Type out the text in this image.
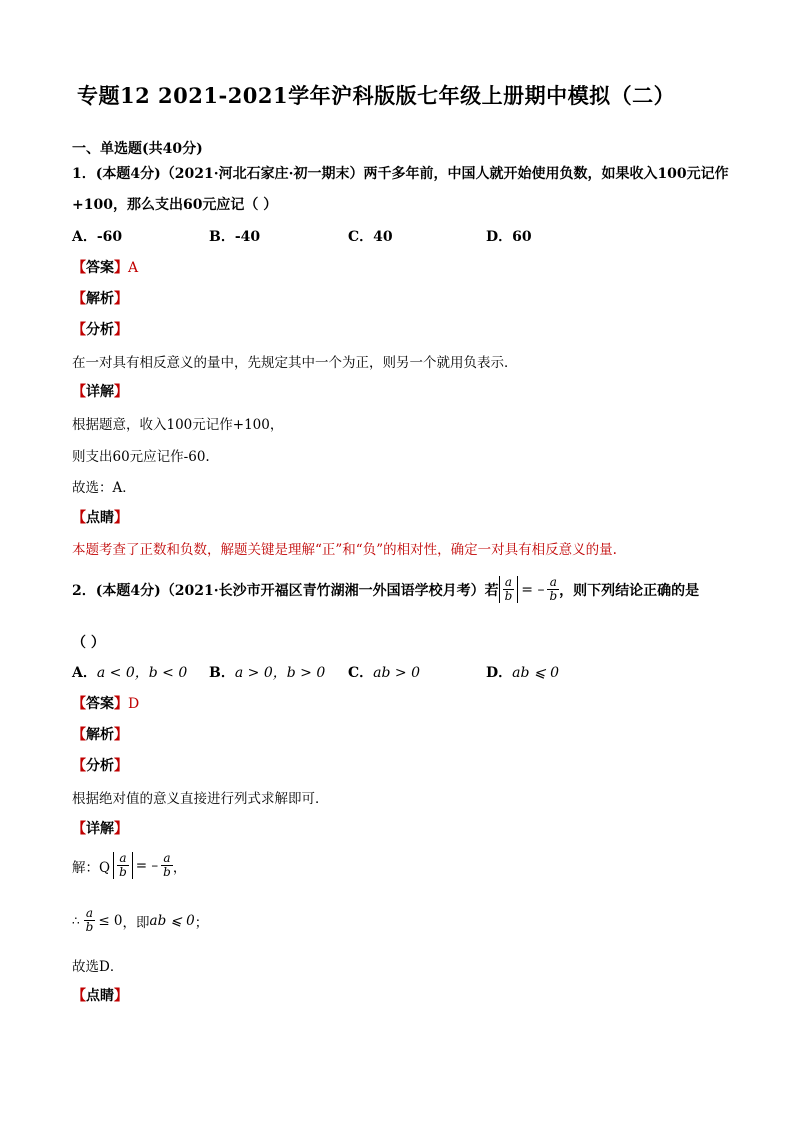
专题12 2021-2021学年沪科版版七年级上册期中模拟（二）
一、单选题(共40分)
1．(本题4分)（2021·河北石家庄·初一期末）两千多年前，中国人就开始使用负数，如果收入100元记作
+100，那么支出60元应记（ ）
A．-60	B．-40	C．40	D．60
【答案】A
【解析】
【分析】
在一对具有相反意义的量中，先规定其中一个为正，则另一个就用负表示．
【详解】
根据题意，收入100元记作+100，
则支出60元应记作-60.
故选：A．
【点睛】
本题考查了正数和负数，解题关键是理解“正”和“负”的相对性，确定一对具有相反意义的量.
2．(本题4分)（2021·长沙市开福区青竹湖湘一外国语学校月考）若 $\frac{a}{b}$ = – $\frac{a}{b}$ ，则下列结论正确的是
（ ）
A．a < 0，b < 0 B．a > 0，b > 0 C．ab > 0	D．ab ⩽ 0
【答案】D
【解析】
【分析】
根据绝对值的意义直接进行列式求解即可．
【详解】
解：Q $\frac{a}{b}$ = – $\frac{a}{b}$ ，
∴ $\frac{a}{b} \le 0$ ，即 ab ⩽ 0 ；
故选D．
【点睛】
